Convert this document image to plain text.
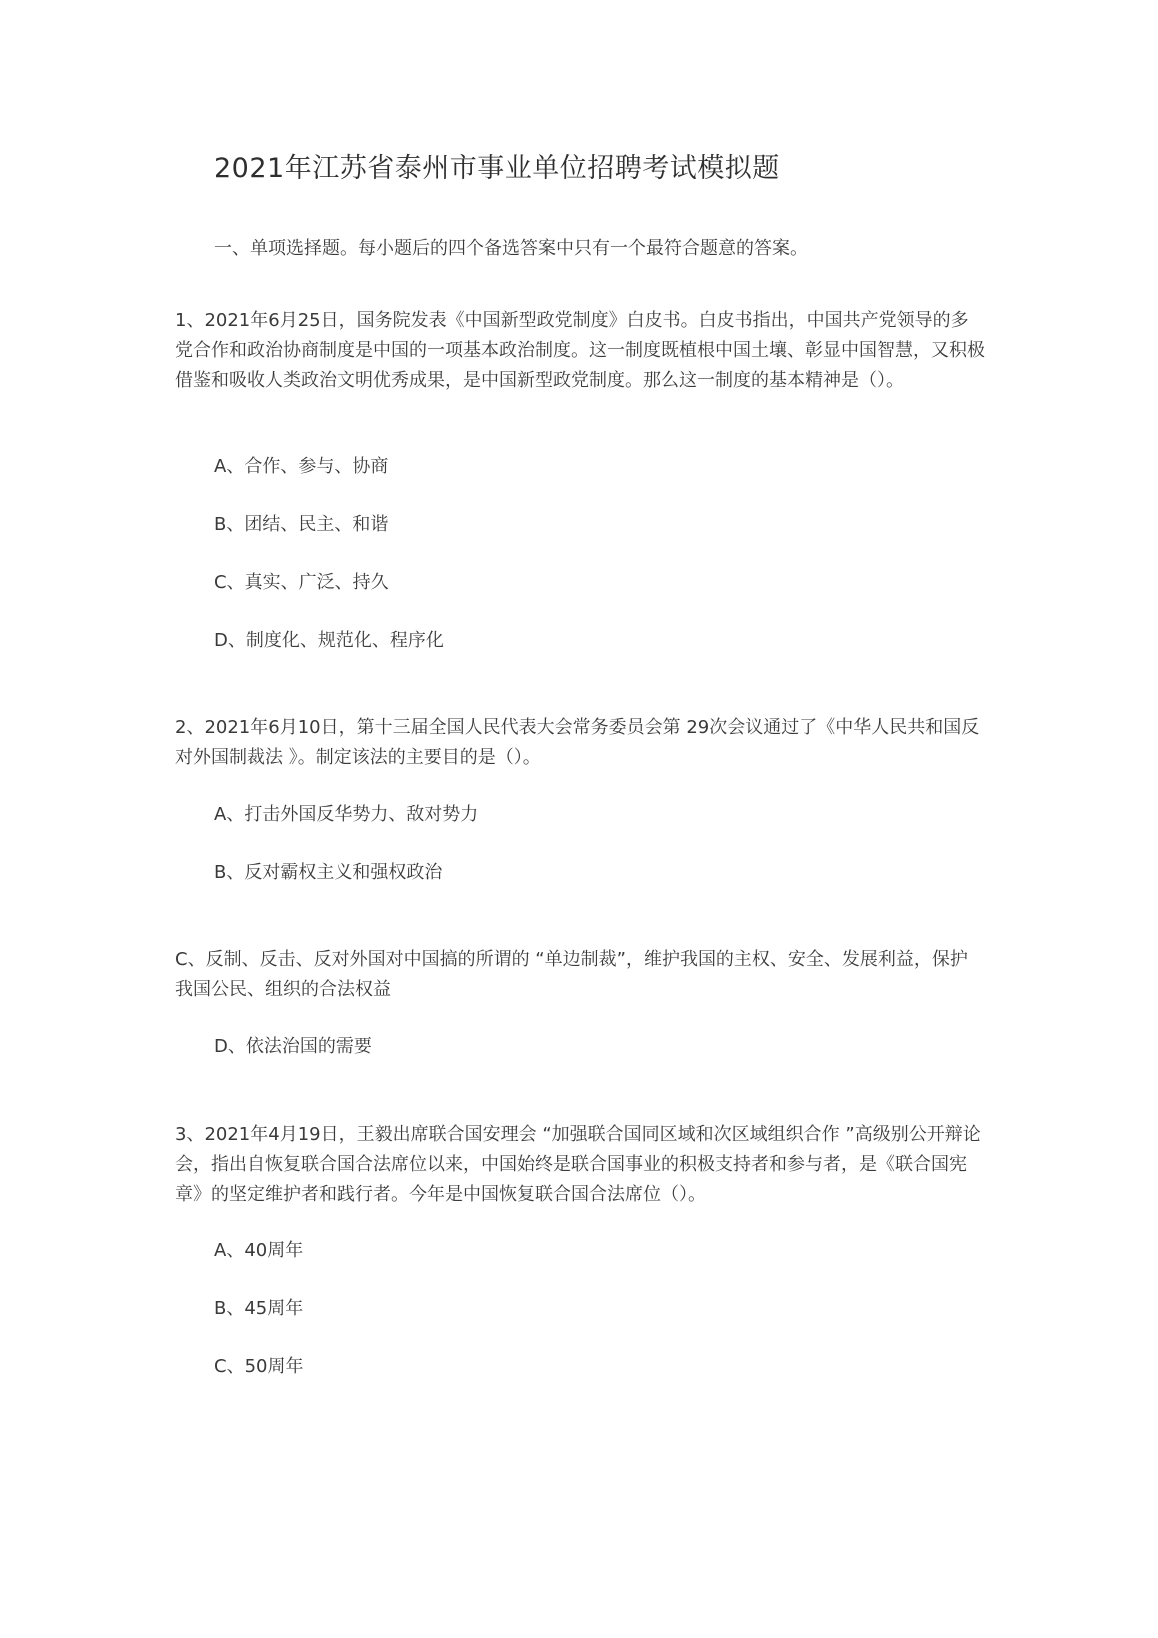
2021年江苏省泰州市事业单位招聘考试模拟题
一、单项选择题。每小题后的四个备选答案中只有一个最符合题意的答案。
1、2021年6月25日，国务院发表《中国新型政党制度》白皮书。白皮书指出，中国共产党领导的多党合作和政治协商制度是中国的一项基本政治制度。这一制度既植根中国土壤、彰显中国智慧，又积极借鉴和吸收人类政治文明优秀成果，是中国新型政党制度。那么这一制度的基本精神是（）。
A、合作、参与、协商
B、团结、民主、和谐
C、真实、广泛、持久
D、制度化、规范化、程序化
2、2021年6月10日，第十三届全国人民代表大会常务委员会第 29次会议通过了《中华人民共和国反对外国制裁法 》。制定该法的主要目的是（）。
A、打击外国反华势力、敌对势力
B、反对霸权主义和强权政治
C、反制、反击、反对外国对中国搞的所谓的 “单边制裁”，维护我国的主权、安全、发展利益，保护我国公民、组织的合法权益
D、依法治国的需要
3、2021年4月19日，王毅出席联合国安理会 “加强联合国同区域和次区域组织合作 ”高级别公开辩论会，指出自恢复联合国合法席位以来，中国始终是联合国事业的积极支持者和参与者，是《联合国宪章》的坚定维护者和践行者。今年是中国恢复联合国合法席位（）。
A、40周年
B、45周年
C、50周年
